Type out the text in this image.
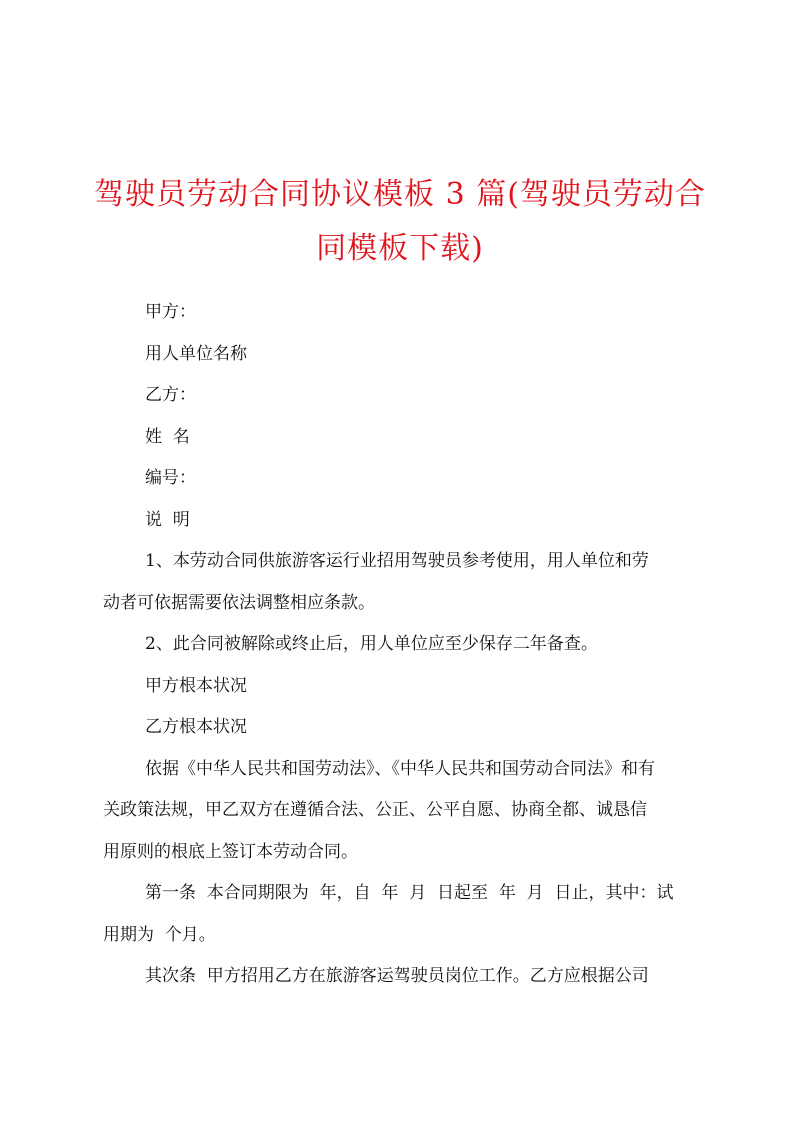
驾驶员劳动合同协议模板 3 篇(驾驶员劳动合
同模板下载)

甲方：

用人单位名称

乙方：

姓  名

编号：

说  明

1、本劳动合同供旅游客运行业招用驾驶员参考使用，用人单位和劳
动者可依据需要依法调整相应条款。

2、此合同被解除或终止后，用人单位应至少保存二年备查。

甲方根本状况

乙方根本状况

依据《中华人民共和国劳动法》、《中华人民共和国劳动合同法》和有
关政策法规，甲乙双方在遵循合法、公正、公平自愿、协商全都、诚恳信
用原则的根底上签订本劳动合同。

第一条  本合同期限为  年，自  年  月  日起至  年  月  日止，其中：试
用期为  个月。

其次条  甲方招用乙方在旅游客运驾驶员岗位工作。乙方应根据公司
